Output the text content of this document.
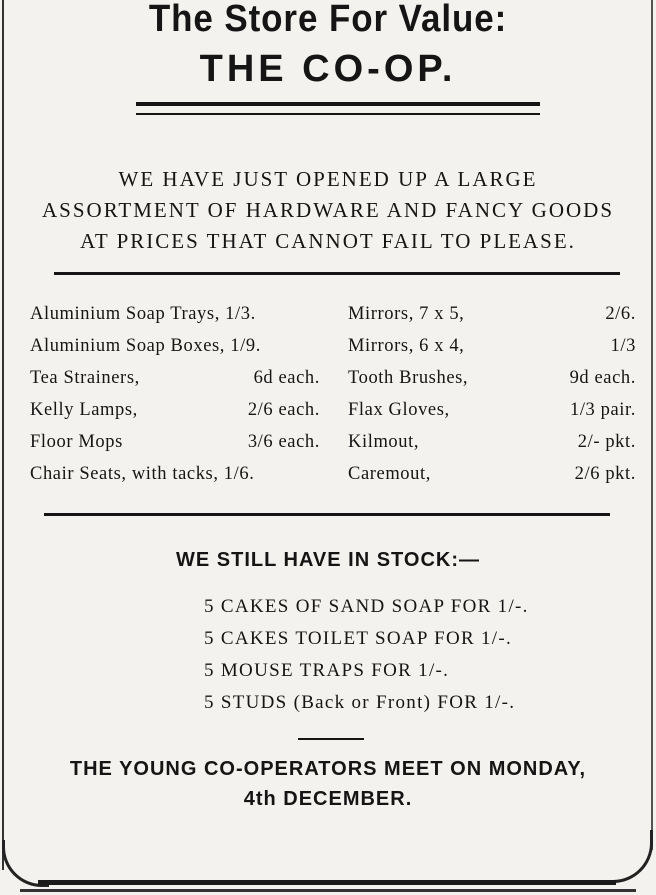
The Store For Value:
THE CO-OP.
WE HAVE JUST OPENED UP A LARGE ASSORTMENT OF HARDWARE AND FANCY GOODS AT PRICES THAT CANNOT FAIL TO PLEASE.
Aluminium Soap Trays, 1/3.
Aluminium Soap Boxes, 1/9.
Tea Strainers,	6d each.
Kelly Lamps,	2/6 each.
Floor Mops	3/6 each.
Chair Seats, with tacks, 1/6.
Mirrors, 7 x 5,	2/6.
Mirrors, 6 x 4,	1/3
Tooth Brushes,	9d each.
Flax Gloves,	1/3 pair.
Kilmout,	2/- pkt.
Caremout,	2/6 pkt.
WE STILL HAVE IN STOCK:—
5 CAKES OF SAND SOAP FOR 1/-.
5 CAKES TOILET SOAP FOR 1/-.
5 MOUSE TRAPS FOR 1/-.
5 STUDS (Back or Front) FOR 1/-.
THE YOUNG CO-OPERATORS MEET ON MONDAY,
4th DECEMBER.
